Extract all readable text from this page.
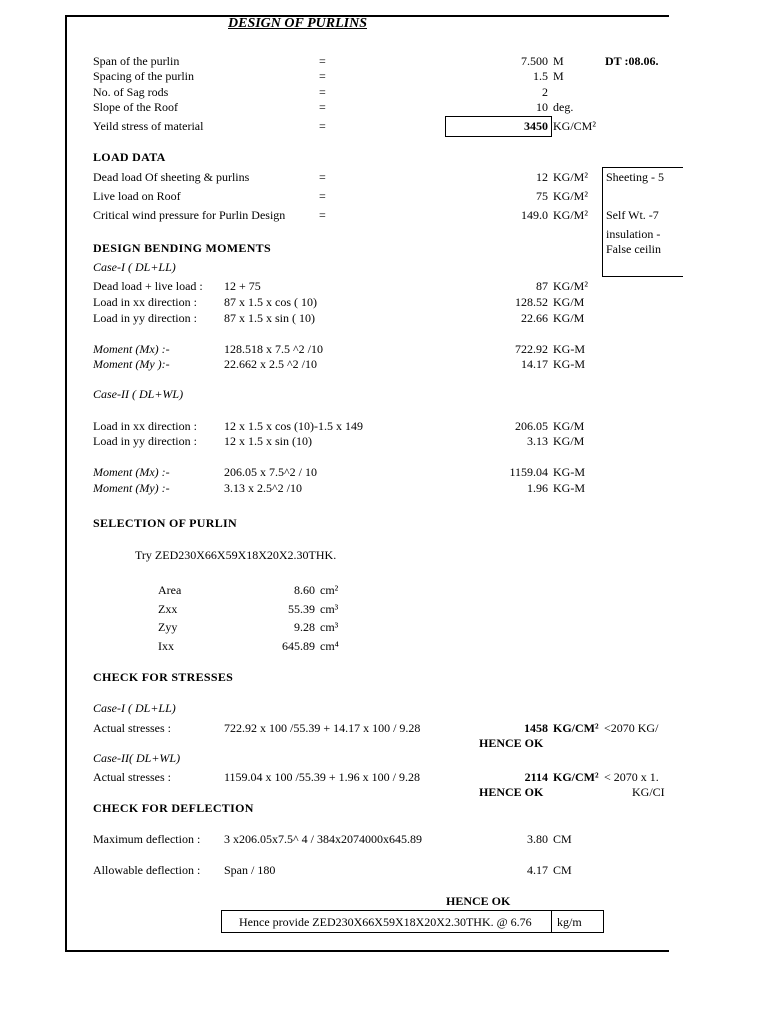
DESIGN OF PURLINS
DT :08.06.
Span of the purlin	=	7.500 M
Spacing of the purlin	=	1.5 M
No. of Sag rods	=	2
Slope of the Roof	=	10 deg.
Yeild stress of material	=	3450 KG/CM²
LOAD DATA
Dead load Of sheeting & purlins	=	12 KG/M²
Live load on Roof	=	75 KG/M²
Critical wind pressure for Purlin Design	=	149.0 KG/M²
Sheeting - 5
Self Wt. -7
insulation -
False ceilin
DESIGN BENDING MOMENTS
Case-I ( DL+LL)
Dead load + live load : 12 + 75	87 KG/M²
Load in xx direction : 87 x 1.5 x cos ( 10)	128.52 KG/M
Load in yy direction : 87 x 1.5 x sin ( 10)	22.66 KG/M
Moment (Mx) :-	128.518 x 7.5 ^2 /10	722.92 KG-M
Moment (My ):-	22.662 x 2.5 ^2 /10	14.17 KG-M
Case-II ( DL+WL)
Load in xx direction : 12 x 1.5 x cos (10)-1.5 x 149	206.05 KG/M
Load in yy direction : 12 x 1.5 x sin (10)	3.13 KG/M
Moment (Mx) :-	206.05 x 7.5^2 / 10	1159.04 KG-M
Moment (My) :-	3.13 x 2.5^2 /10	1.96 KG-M
SELECTION OF PURLIN
Try ZED230X66X59X18X20X2.30THK.
Area	8.60 cm²
Zxx	55.39 cm³
Zyy	9.28 cm³
Ixx	645.89 cm⁴
CHECK FOR STRESSES
Case-I ( DL+LL)
Actual stresses :	722.92 x 100 /55.39 + 14.17 x 100 / 9.28	1458 KG/CM² <2070 KG/
HENCE OK
Case-II( DL+WL)
Actual stresses :	1159.04 x 100 /55.39 + 1.96 x 100 / 9.28	2114 KG/CM² < 2070 x 1.
HENCE OK	KG/CI
CHECK FOR DEFLECTION
Maximum deflection : 3 x206.05x7.5^ 4 / 384x2074000x645.89	3.80 CM
Allowable deflection : Span / 180	4.17 CM
HENCE OK
Hence provide ZED230X66X59X18X20X2.30THK. @ 6.76 kg/m
